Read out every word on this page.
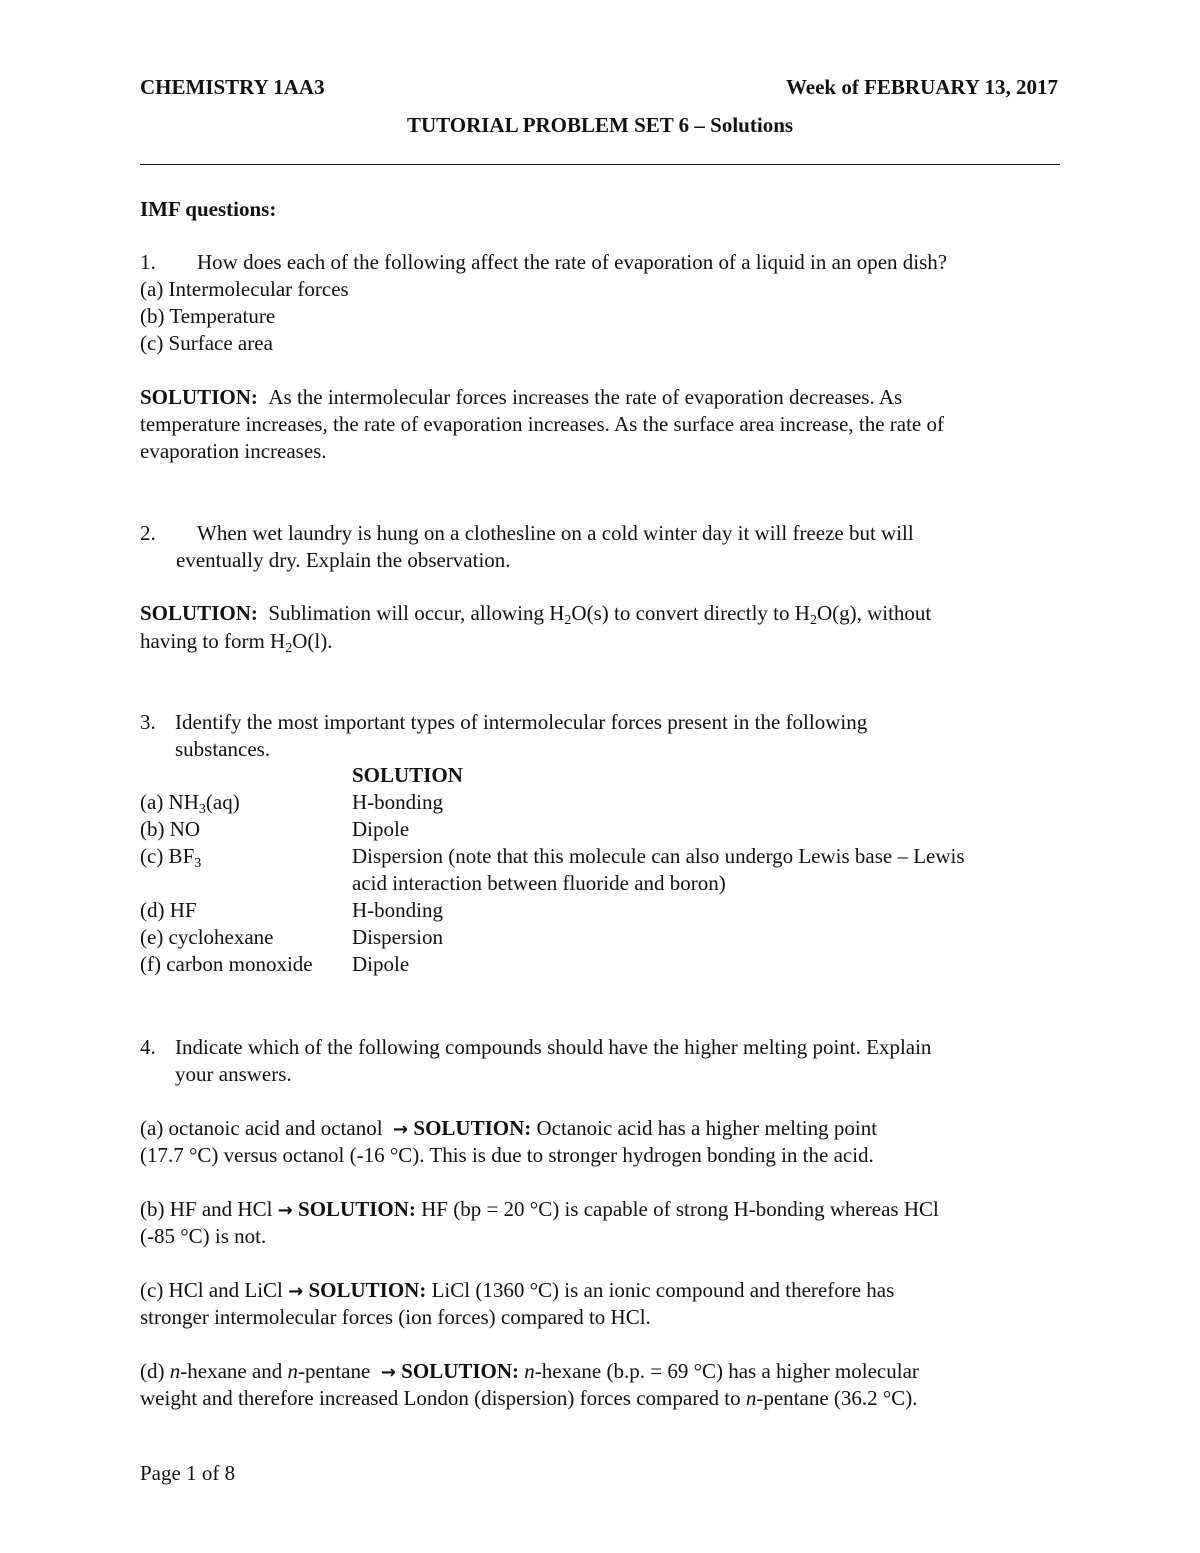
CHEMISTRY 1AA3	Week of FEBRUARY 13, 2017
TUTORIAL PROBLEM SET 6 – Solutions
IMF questions:
1. How does each of the following affect the rate of evaporation of a liquid in an open dish?
(a) Intermolecular forces
(b) Temperature
(c) Surface area
SOLUTION: As the intermolecular forces increases the rate of evaporation decreases. As
temperature increases, the rate of evaporation increases. As the surface area increase, the rate of
evaporation increases.
2. When wet laundry is hung on a clothesline on a cold winter day it will freeze but will
eventually dry. Explain the observation.
SOLUTION: Sublimation will occur, allowing $H_2O(s)$ to convert directly to $H_2O(g)$, without
having to form $H_2O(l)$.
3. Identify the most important types of intermolecular forces present in the following
substances.
SOLUTION
(a) $NH_3(aq)$	H-bonding
(b) NO	Dipole
(c) $BF_3$	Dispersion (note that this molecule can also undergo Lewis base – Lewis
acid interaction between fluoride and boron)
(d) HF	H-bonding
(e) cyclohexane	Dispersion
(f) carbon monoxide Dipole
4. Indicate which of the following compounds should have the higher melting point. Explain
your answers.
(a) octanoic acid and octanol → SOLUTION: Octanoic acid has a higher melting point
(17.7 °C) versus octanol (-16 °C). This is due to stronger hydrogen bonding in the acid.
(b) HF and HCl → SOLUTION: HF (bp = 20 °C) is capable of strong H-bonding whereas HCl
(-85 °C) is not.
(c) HCl and LiCl → SOLUTION: LiCl (1360 °C) is an ionic compound and therefore has
stronger intermolecular forces (ion forces) compared to HCl.
(d) n-hexane and n-pentane → SOLUTION: n-hexane (b.p. = 69 °C) has a higher molecular
weight and therefore increased London (dispersion) forces compared to n-pentane (36.2 °C).
Page 1 of 8
